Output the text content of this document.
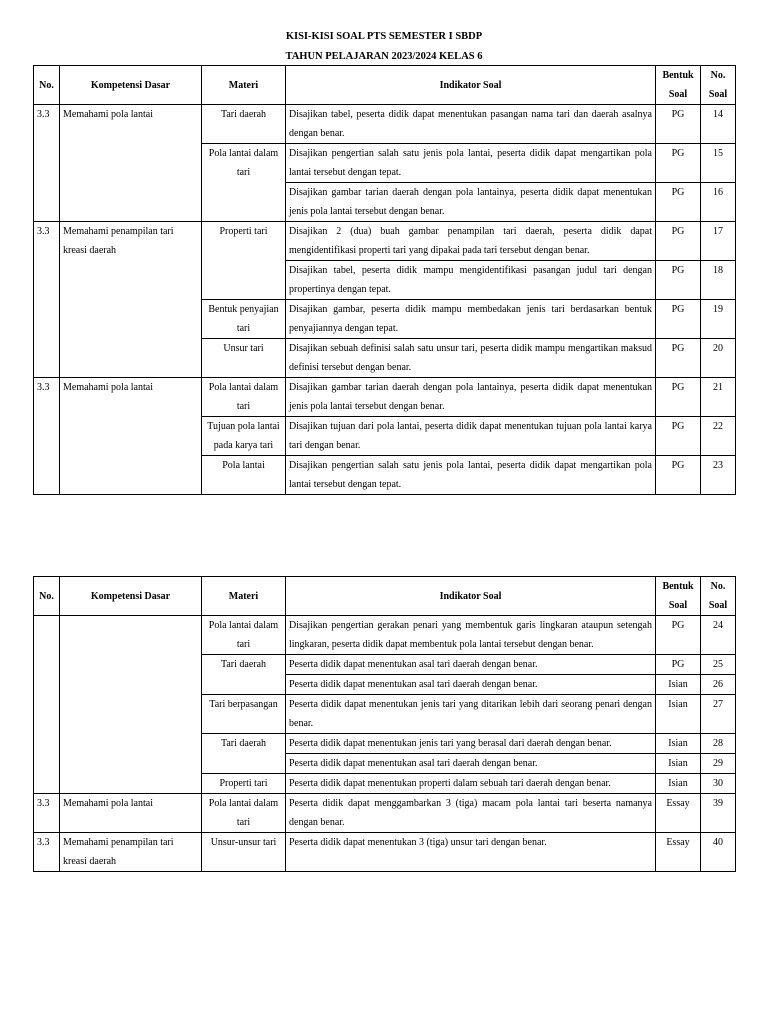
KISI-KISI SOAL PTS SEMESTER I SBDP
TAHUN PELAJARAN 2023/2024 KELAS 6
No.	Kompetensi Dasar	Materi	Indikator Soal	Bentuk Soal	No. Soal
3.3	Memahami pola lantai	Tari daerah	Disajikan tabel, peserta didik dapat menentukan pasangan nama tari dan daerah asalnya dengan benar.	PG	14
		Pola lantai dalam tari	Disajikan pengertian salah satu jenis pola lantai, peserta didik dapat mengartikan pola lantai tersebut dengan tepat.	PG	15
			Disajikan gambar tarian daerah dengan pola lantainya, peserta didik dapat menentukan jenis pola lantai tersebut dengan benar.	PG	16
3.3	Memahami penampilan tari kreasi daerah	Properti tari	Disajikan 2 (dua) buah gambar penampilan tari daerah, peserta didik dapat mengidentifikasi properti tari yang dipakai pada tari tersebut dengan benar.	PG	17
			Disajikan tabel, peserta didik mampu mengidentifikasi pasangan judul tari dengan propertinya dengan tepat.	PG	18
		Bentuk penyajian tari	Disajikan gambar, peserta didik mampu membedakan jenis tari berdasarkan bentuk penyajiannya dengan tepat.	PG	19
		Unsur tari	Disajikan sebuah definisi salah satu unsur tari, peserta didik mampu mengartikan maksud definisi tersebut dengan benar.	PG	20
3.3	Memahami pola lantai	Pola lantai dalam tari	Disajikan gambar tarian daerah dengan pola lantainya, peserta didik dapat menentukan jenis pola lantai tersebut dengan benar.	PG	21
		Tujuan pola lantai pada karya tari	Disajikan tujuan dari pola lantai, peserta didik dapat menentukan tujuan pola lantai karya tari dengan benar.	PG	22
		Pola lantai	Disajikan pengertian salah satu jenis pola lantai, peserta didik dapat mengartikan pola lantai tersebut dengan tepat.	PG	23
No.	Kompetensi Dasar	Materi	Indikator Soal	Bentuk Soal	No. Soal
		Pola lantai dalam tari	Disajikan pengertian gerakan penari yang membentuk garis lingkaran ataupun setengah lingkaran, peserta didik dapat membentuk pola lantai tersebut dengan benar.	PG	24
		Tari daerah	Peserta didik dapat menentukan asal tari daerah dengan benar.	PG	25
			Peserta didik dapat menentukan asal tari daerah dengan benar.	Isian	26
		Tari berpasangan	Peserta didik dapat menentukan jenis tari yang ditarikan lebih dari seorang penari dengan benar.	Isian	27
		Tari daerah	Peserta didik dapat menentukan jenis tari yang berasal dari daerah dengan benar.	Isian	28
			Peserta didik dapat menentukan asal tari daerah dengan benar.	Isian	29
		Properti tari	Peserta didik dapat menentukan properti dalam sebuah tari daerah dengan benar.	Isian	30
3.3	Memahami pola lantai	Pola lantai dalam tari	Peserta didik dapat menggambarkan 3 (tiga) macam pola lantai tari beserta namanya dengan benar.	Essay	39
3.3	Memahami penampilan tari kreasi daerah	Unsur-unsur tari	Peserta didik dapat menentukan 3 (tiga) unsur tari dengan benar.	Essay	40
